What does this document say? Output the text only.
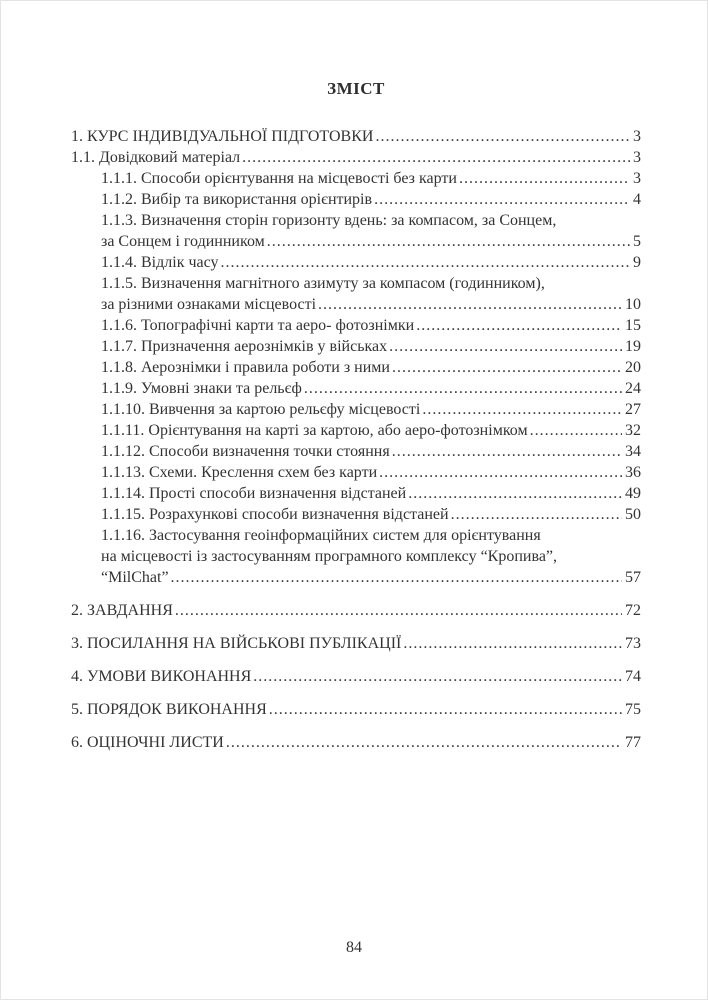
ЗМІСТ
1. КУРС ІНДИВІДУАЛЬНОЇ ПІДГОТОВКИ .....	3
1.1. Довідковий матеріал .....	3
1.1.1. Способи орієнтування на місцевості без карти .....	3
1.1.2. Вибір та використання орієнтирів .....	4
1.1.3. Визначення сторін горизонту вдень: за компасом, за Сонцем,
за Сонцем і годинником .....	5
1.1.4. Відлік часу .....	9
1.1.5. Визначення магнітного азимуту за компасом (годинником),
за різними ознаками місцевості .....	10
1.1.6. Топографічні карти та аеро- фотознімки .....	15
1.1.7. Призначення аерознімків у військах .....	19
1.1.8. Аерознімки і правила роботи з ними .....	20
1.1.9. Умовні знаки та рельєф .....	24
1.1.10. Вивчення за картою рельєфу місцевості .....	27
1.1.11. Орієнтування на карті за картою, або аеро-фотознімком .....	32
1.1.12. Способи визначення точки стояння .....	34
1.1.13. Схеми. Креслення схем без карти .....	36
1.1.14. Прості способи визначення відстаней .....	49
1.1.15. Розрахункові способи визначення відстаней .....	50
1.1.16. Застосування геоінформаційних систем для орієнтування
на місцевості із застосуванням програмного комплексу “Кропива”,
“MilChat” .....	57
2. ЗАВДАННЯ .....	72
3. ПОСИЛАННЯ НА ВІЙСЬКОВІ ПУБЛІКАЦІЇ .....	73
4. УМОВИ ВИКОНАННЯ .....	74
5. ПОРЯДОК ВИКОНАННЯ .....	75
6. ОЦІНОЧНІ ЛИСТИ .....	77
84
